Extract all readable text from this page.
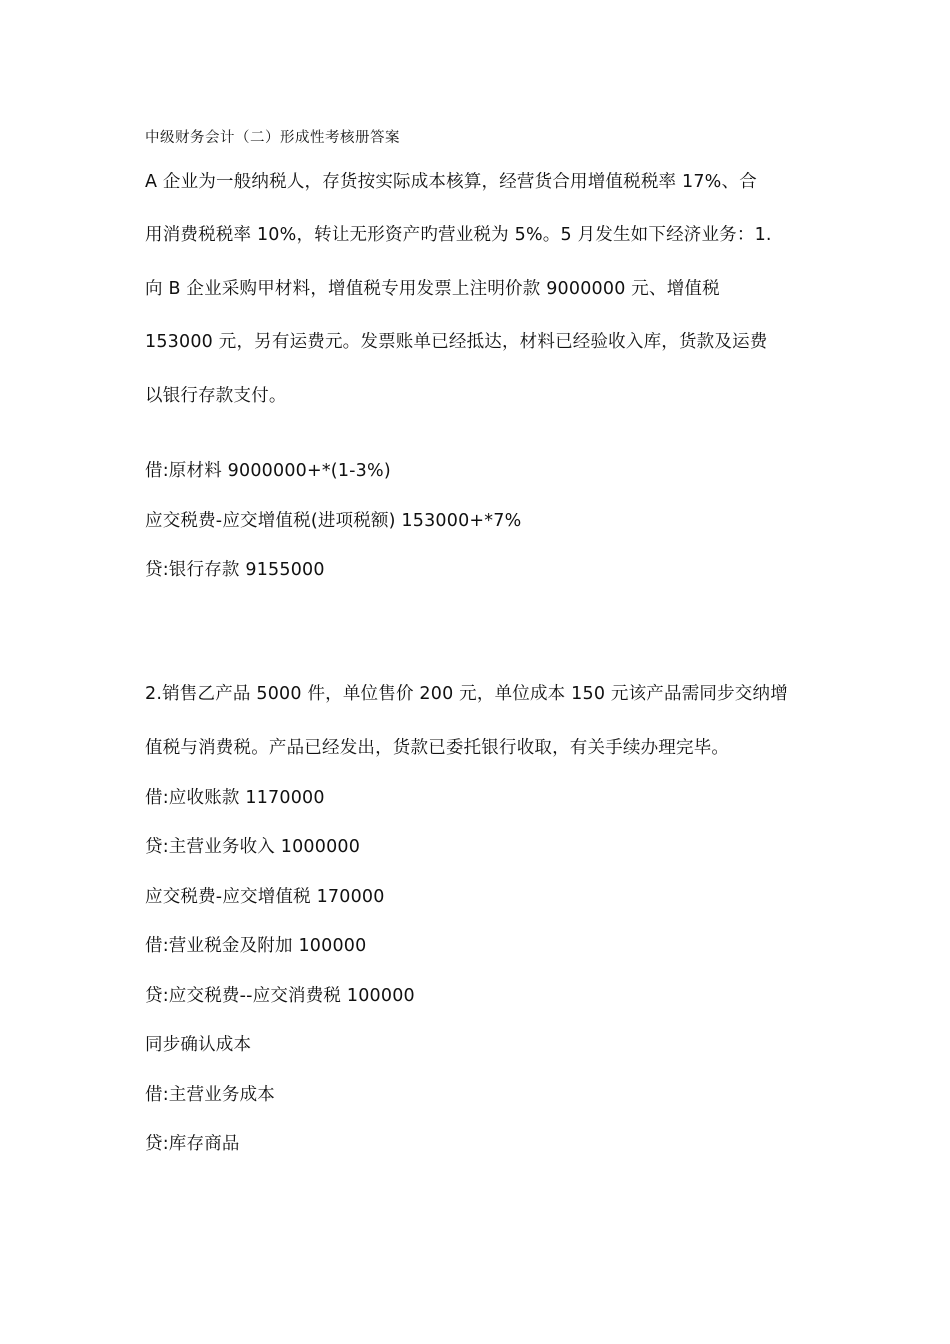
中级财务会计（二）形成性考核册答案
A 企业为一般纳税人，存货按实际成本核算，经营货合用增值税税率 17%、合
用消费税税率 10%，转让无形资产旳营业税为 5%。5 月发生如下经济业务：1.
向 B 企业采购甲材料，增值税专用发票上注明价款 9000000 元、增值税
153000 元，另有运费元。发票账单已经抵达，材料已经验收入库，货款及运费
以银行存款支付。
借:原材料 9000000+*(1-3%)
应交税费-应交增值税(进项税额) 153000+*7%
贷:银行存款 9155000
2.销售乙产品 5000 件，单位售价 200 元，单位成本 150 元该产品需同步交纳增
值税与消费税。产品已经发出，货款已委托银行收取，有关手续办理完毕。
借:应收账款 1170000
贷:主营业务收入 1000000
应交税费-应交增值税 170000
借:营业税金及附加 100000
贷:应交税费--应交消费税 100000
同步确认成本
借:主营业务成本
贷:库存商品
